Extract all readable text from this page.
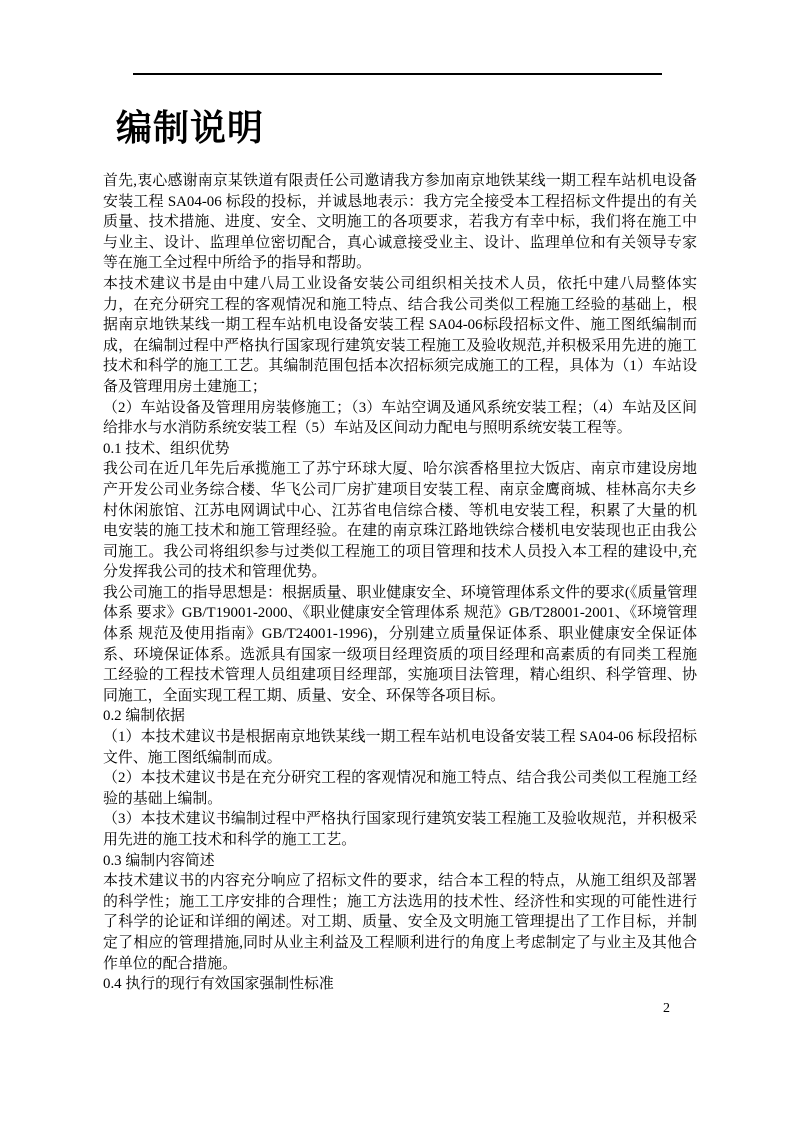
编制说明

首先,衷心感谢南京某铁道有限责任公司邀请我方参加南京地铁某线一期工程车站机电设备安装工程 SA04-06 标段的投标，并诚恳地表示：我方完全接受本工程招标文件提出的有关质量、技术措施、进度、安全、文明施工的各项要求，若我方有幸中标，我们将在施工中与业主、设计、监理单位密切配合，真心诚意接受业主、设计、监理单位和有关领导专家等在施工全过程中所给予的指导和帮助。

本技术建议书是由中建八局工业设备安装公司组织相关技术人员，依托中建八局整体实力，在充分研究工程的客观情况和施工特点、结合我公司类似工程施工经验的基础上，根据南京地铁某线一期工程车站机电设备安装工程 SA04-06标段招标文件、施工图纸编制而成，在编制过程中严格执行国家现行建筑安装工程施工及验收规范,并积极采用先进的施工技术和科学的施工工艺。其编制范围包括本次招标须完成施工的工程，具体为（1）车站设备及管理用房土建施工；

（2）车站设备及管理用房装修施工；（3）车站空调及通风系统安装工程；（4）车站及区间给排水与水消防系统安装工程（5）车站及区间动力配电与照明系统安装工程等。

0.1 技术、组织优势

我公司在近几年先后承揽施工了苏宁环球大厦、哈尔滨香格里拉大饭店、南京市建设房地产开发公司业务综合楼、华飞公司厂房扩建项目安装工程、南京金鹰商城、桂林高尔夫乡村休闲旅馆、江苏电网调试中心、江苏省电信综合楼、等机电安装工程，积累了大量的机电安装的施工技术和施工管理经验。在建的南京珠江路地铁综合楼机电安装现也正由我公司施工。我公司将组织参与过类似工程施工的项目管理和技术人员投入本工程的建设中,充分发挥我公司的技术和管理优势。

我公司施工的指导思想是：根据质量、职业健康安全、环境管理体系文件的要求(《质量管理体系 要求》GB/T19001-2000、《职业健康安全管理体系 规范》GB/T28001-2001、《环境管理体系 规范及使用指南》GB/T24001-1996)，分别建立质量保证体系、职业健康安全保证体系、环境保证体系。选派具有国家一级项目经理资质的项目经理和高素质的有同类工程施工经验的工程技术管理人员组建项目经理部，实施项目法管理，精心组织、科学管理、协同施工，全面实现工程工期、质量、安全、环保等各项目标。

0.2 编制依据

（1）本技术建议书是根据南京地铁某线一期工程车站机电设备安装工程 SA04-06 标段招标文件、施工图纸编制而成。

（2）本技术建议书是在充分研究工程的客观情况和施工特点、结合我公司类似工程施工经验的基础上编制。

（3）本技术建议书编制过程中严格执行国家现行建筑安装工程施工及验收规范，并积极采用先进的施工技术和科学的施工工艺。

0.3 编制内容简述

本技术建议书的内容充分响应了招标文件的要求，结合本工程的特点，从施工组织及部署的科学性；施工工序安排的合理性；施工方法选用的技术性、经济性和实现的可能性进行了科学的论证和详细的阐述。对工期、质量、安全及文明施工管理提出了工作目标，并制定了相应的管理措施,同时从业主利益及工程顺利进行的角度上考虑制定了与业主及其他合作单位的配合措施。

0.4 执行的现行有效国家强制性标准

2
